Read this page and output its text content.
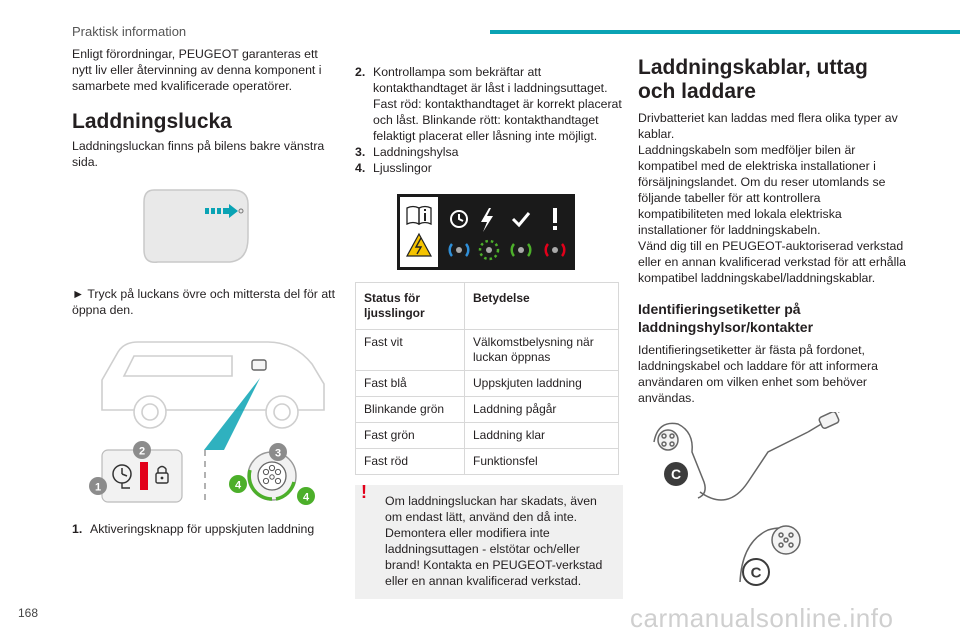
Praktisk information

Enligt förordningar, PEUGEOT garanteras ett nytt liv eller återvinning av denna komponent i samarbete med kvalificerade operatörer.

Laddningslucka

Laddningsluckan finns på bilens bakre vänstra sida.

► Tryck på luckans övre och mittersta del för att öppna den.

1
2	3
4
4
1. Aktiveringsknapp för uppskjuten laddning
2. Kontrollampa som bekräftar att kontakthandtaget är låst i laddningsuttaget. Fast röd: kontakthandtaget är korrekt placerat och låst. Blinkande rött: kontakthandtaget felaktigt placerat eller låsning inte möjligt.
3. Laddningshylsa
4. Ljusslingor
Status för ljusslingor	Betydelse
Fast vit	Välkomstbelysning när luckan öppnas
Fast blå	Uppskjuten laddning
Blinkande grön	Laddning pågår
Fast grön	Laddning klar
Fast röd	Funktionsfel
!	Om laddningsluckan har skadats, även om endast lätt, använd den då inte. Demontera eller modifiera inte laddningsuttagen - elstötar och/eller brand! Kontakta en PEUGEOT-verkstad eller en annan kvalificerad verkstad.
Laddningskablar, uttag och laddare

Drivbatteriet kan laddas med flera olika typer av kablar.

Laddningskabeln som medföljer bilen är kompatibel med de elektriska installationer i försäljningslandet. Om du reser utomlands se följande tabeller för att kontrollera kompatibiliteten med lokala elektriska installationer för laddningskabeln.

Vänd dig till en PEUGEOT-auktoriserad verkstad eller en annan kvalificerad verkstad för att erhålla kompatibel laddningskabel/laddningskablar.

Identifieringsetiketter på laddningshylsor/kontakter

Identifieringsetiketter är fästa på fordonet, laddningskabel och laddare för att informera användaren om vilken enhet som behöver användas.

C
C
168	carmanualsonline.info
